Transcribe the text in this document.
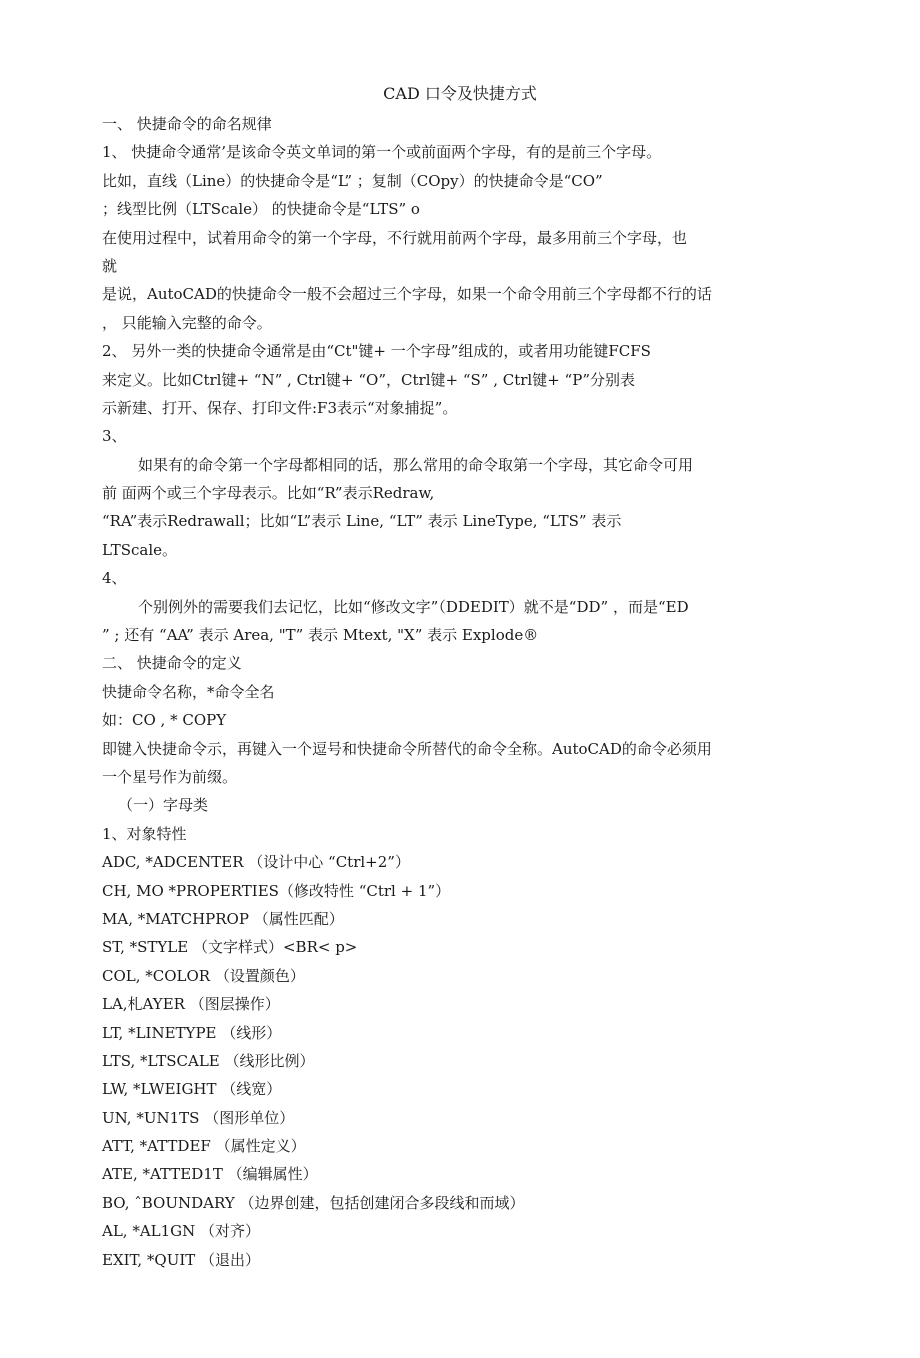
CAD 口令及快捷方式
一、 快捷命令的命名规律
1、 快捷命令通常’是该命令英文单词的第一个或前面两个字母，有的是前三个字母。
比如，直线（Line）的快捷命令是“L” ；复制（COpy）的快捷命令是“CO”
；线型比例（LTScale） 的快捷命令是“LTS” o
在使用过程中，试着用命令的第一个字母，不行就用前两个字母，最多用前三个字母，也
就
是说，AutoCAD的快捷命令一般不会超过三个字母，如果一个命令用前三个字母都不行的话
， 只能输入完整的命令。
2、 另外一类的快捷命令通常是由“Ct"键+ 一个字母”组成的，或者用功能键FCFS
来定义。比如Ctrl键+ “N” , Ctrl键+ “O”，Ctrl键+ “S” , Ctrl键+ “P”分别表
示新建、打开、保存、打印文件:F3表示“对象捕捉”。
3、
如果有的命令第一个字母都相同的话，那么常用的命令取第一个字母，其它命令可用
前 面两个或三个字母表示。比如“R”表示Redraw,
“RA”表示Redrawall；比如“L”表示 Line, “LT” 表示 LineType, “LTS” 表示
LTScale。
4、
个别例外的需要我们去记忆，比如“修改文字”（DDEDIT）就不是“DD” ，而是“ED
” ; 还有 “AA” 表示 Area, "T” 表示 Mtext, "X” 表示 Explode®
二、 快捷命令的定义
快捷命令名称，*命令全名
如：CO , * COPY
即键入快捷命令示，再键入一个逗号和快捷命令所替代的命令全称。AutoCAD的命令必须用
一个星号作为前缀。
（一）字母类
1、对象特性
ADC, *ADCENTER （设计中心 “Ctrl+2”）
CH, MO *PROPERTIES（修改特性 “Ctrl + 1”）
MA, *MATCHPROP （属性匹配）
ST, *STYLE （文字样式）<BR< p>
COL, *COLOR （设置颜色）
LA,札AYER （图层操作）
LT, *LINETYPE （线形）
LTS, *LTSCALE （线形比例）
LW, *LWEIGHT （线宽）
UN, *UN1TS （图形单位）
ATT, *ATTDEF （属性定义）
ATE, *ATTED1T （编辑属性）
BO, ˆBOUNDARY （边界创建，包括创建闭合多段线和而域）
AL, *AL1GN （对齐）
EXIT, *QUIT （退出）
